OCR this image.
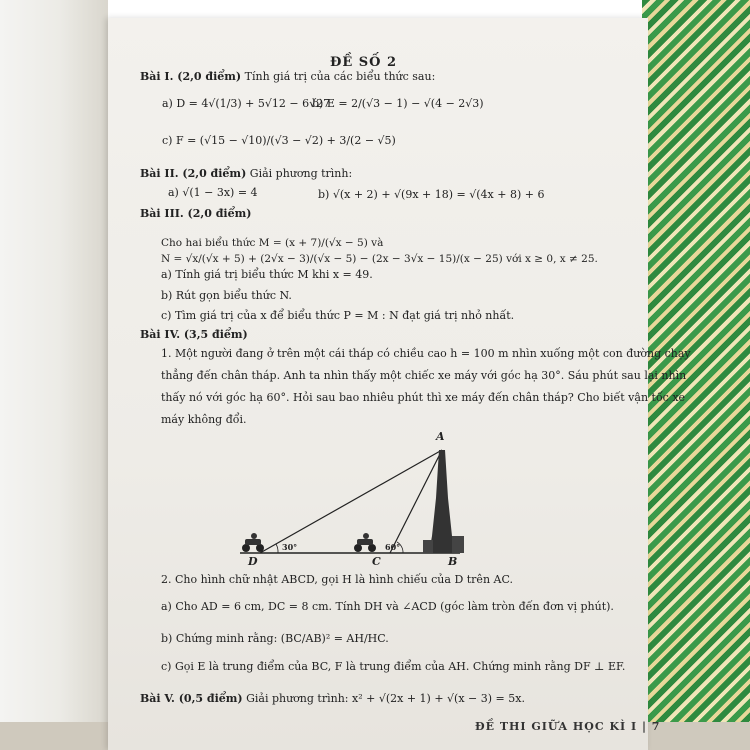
ĐỀ SỐ 2
Bài I. (2,0 điểm) Tính giá trị của các biểu thức sau:
a) D = 4√(1/3) + 5√12 − 6√27
b) E = 2/(√3 − 1) − √(4 − 2√3)
c) F = (√15 − √10)/(√3 − √2) + 3/(2 − √5)
Bài II. (2,0 điểm) Giải phương trình:
a) √(1 − 3x) = 4	b) √(x + 2) + √(9x + 18) = √(4x + 8) + 6
Bài III. (2,0 điểm)
Cho hai biểu thức M = (x + 7)/(√x − 5) và
N = √x/(√x + 5) + (2√x − 3)/(√x − 5) − (2x − 3√x − 15)/(x − 25) với x ≥ 0, x ≠ 25.
a) Tính giá trị biểu thức M khi x = 49.
b) Rút gọn biểu thức N.
c) Tìm giá trị của x để biểu thức P = M : N đạt giá trị nhỏ nhất.
Bài IV. (3,5 điểm)
1. Một người đang ở trên một cái tháp có chiều cao h = 100 m nhìn xuống một con đường chạy
thẳng đến chân tháp. Anh ta nhìn thấy một chiếc xe máy với góc hạ 30°. Sáu phút sau lại nhìn
thấy nó với góc hạ 60°. Hỏi sau bao nhiêu phút thì xe máy đến chân tháp? Cho biết vận tốc xe
máy không đổi.
A
B
C
D
30°	60°
2. Cho hình chữ nhật ABCD, gọi H là hình chiếu của D trên AC.
a) Cho AD = 6 cm, DC = 8 cm. Tính DH và ∠ACD (góc làm tròn đến đơn vị phút).
b) Chứng minh rằng: (BC/AB)² = AH/HC.
c) Gọi E là trung điểm của BC, F là trung điểm của AH. Chứng minh rằng DF ⊥ EF.
Bài V. (0,5 điểm) Giải phương trình: x² + √(2x + 1) + √(x − 3) = 5x.
ĐỀ THI GIỮA HỌC KÌ I | 7
